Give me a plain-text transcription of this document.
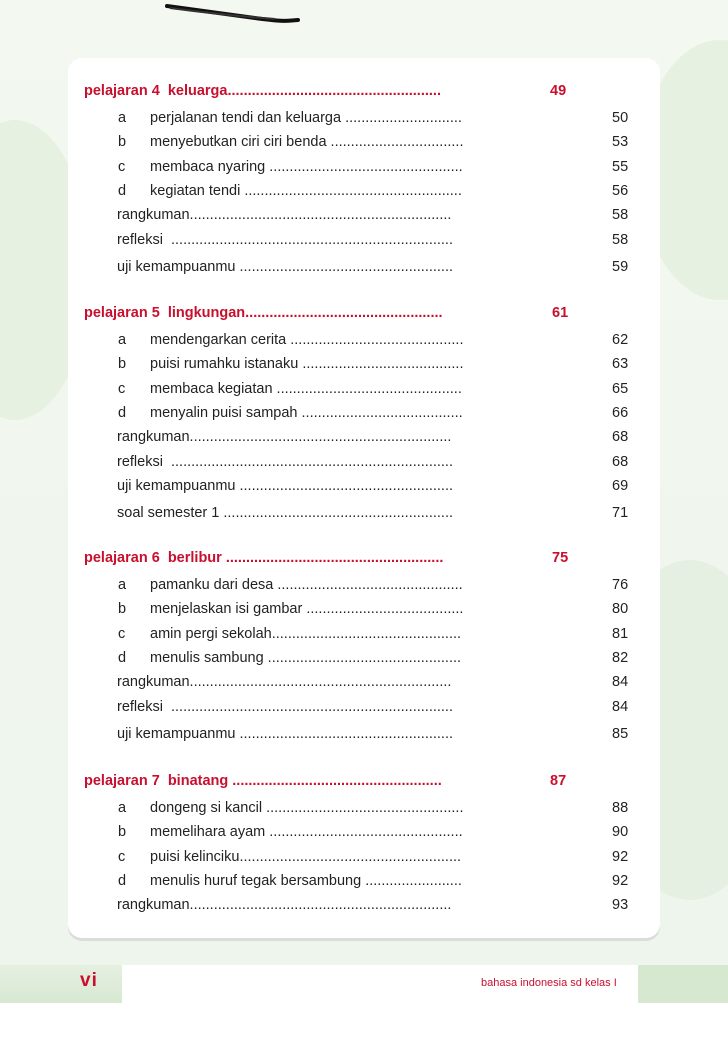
pelajaran 4  keluarga.....................................................	49
a perjalanan tendi dan keluarga .............................	50
b menyebutkan ciri ciri benda .................................	53
c membaca nyaring ................................................	55
d kegiatan tendi ......................................................	56
rangkuman.................................................................	58
refleksi  ......................................................................	58
uji kemampuanmu .....................................................	59
pelajaran 5  lingkungan.................................................	61
a mendengarkan cerita ...........................................	62
b puisi rumahku istanaku ........................................	63
c membaca kegiatan ..............................................	65
d menyalin puisi sampah ........................................	66
rangkuman.................................................................	68
refleksi  ......................................................................	68
uji kemampuanmu .....................................................	69
soal semester 1 .........................................................	71
pelajaran 6  berlibur ......................................................	75
a pamanku dari desa ..............................................	76
b menjelaskan isi gambar .......................................	80
c amin pergi sekolah...............................................	81
d menulis sambung ................................................	82
rangkuman.................................................................	84
refleksi  ......................................................................	84
uji kemampuanmu .....................................................	85
pelajaran 7  binatang ....................................................	87
a dongeng si kancil .................................................	88
b memelihara ayam ................................................	90
c puisi kelinciku.......................................................	92
d menulis huruf tegak bersambung ........................	92
rangkuman.................................................................	93
vi	bahasa indonesia sd kelas I
